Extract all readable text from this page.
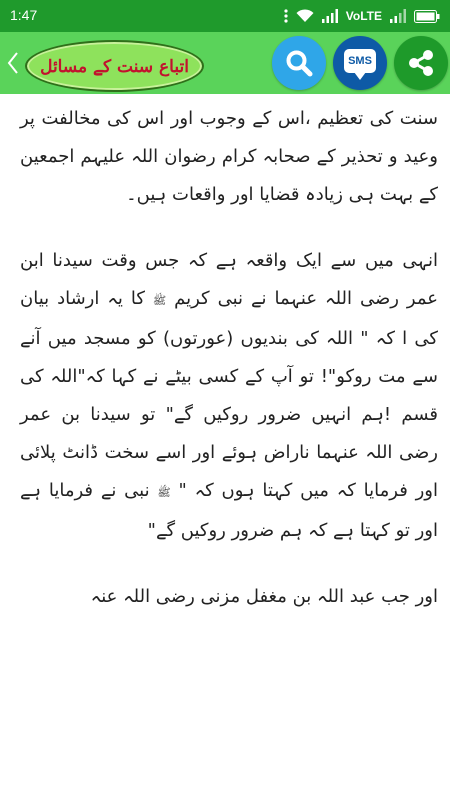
1:47	VoLTE
اتباع سنت کے مسائل	SMS

سنت کی تعظیم ،اس کے وجوب اور اس کی مخالفت پر وعید و تحذیر کے صحابہ کرام رضوان اللہ علیہم اجمعین کے بہت ہی زیادہ قضایا اور واقعات ہیں۔

انہی میں سے ایک واقعہ ہے کہ جس وقت سیدنا ابن عمر رضی اللہ عنہما نے نبی کریم ﷺ کا یہ ارشاد بیان کی ا کہ " اللہ کی بندیوں (عورتوں) کو مسجد میں آنے سے مت روکو"! تو آپ کے کسی بیٹے نے کہا کہ"اللہ کی قسم !ہم انہیں ضرور روکیں گے" تو سیدنا بن عمر رضی اللہ عنہما ناراض ہوئے اور اسے سخت ڈانٹ پلائی اور فرمایا کہ میں کہتا ہوں کہ " ﷺ نبی نے فرمایا ہے اور تو کہتا ہے کہ ہم ضرور روکیں گے"

اور جب عبد اللہ بن مغفل مزنی رضی اللہ عنہ
